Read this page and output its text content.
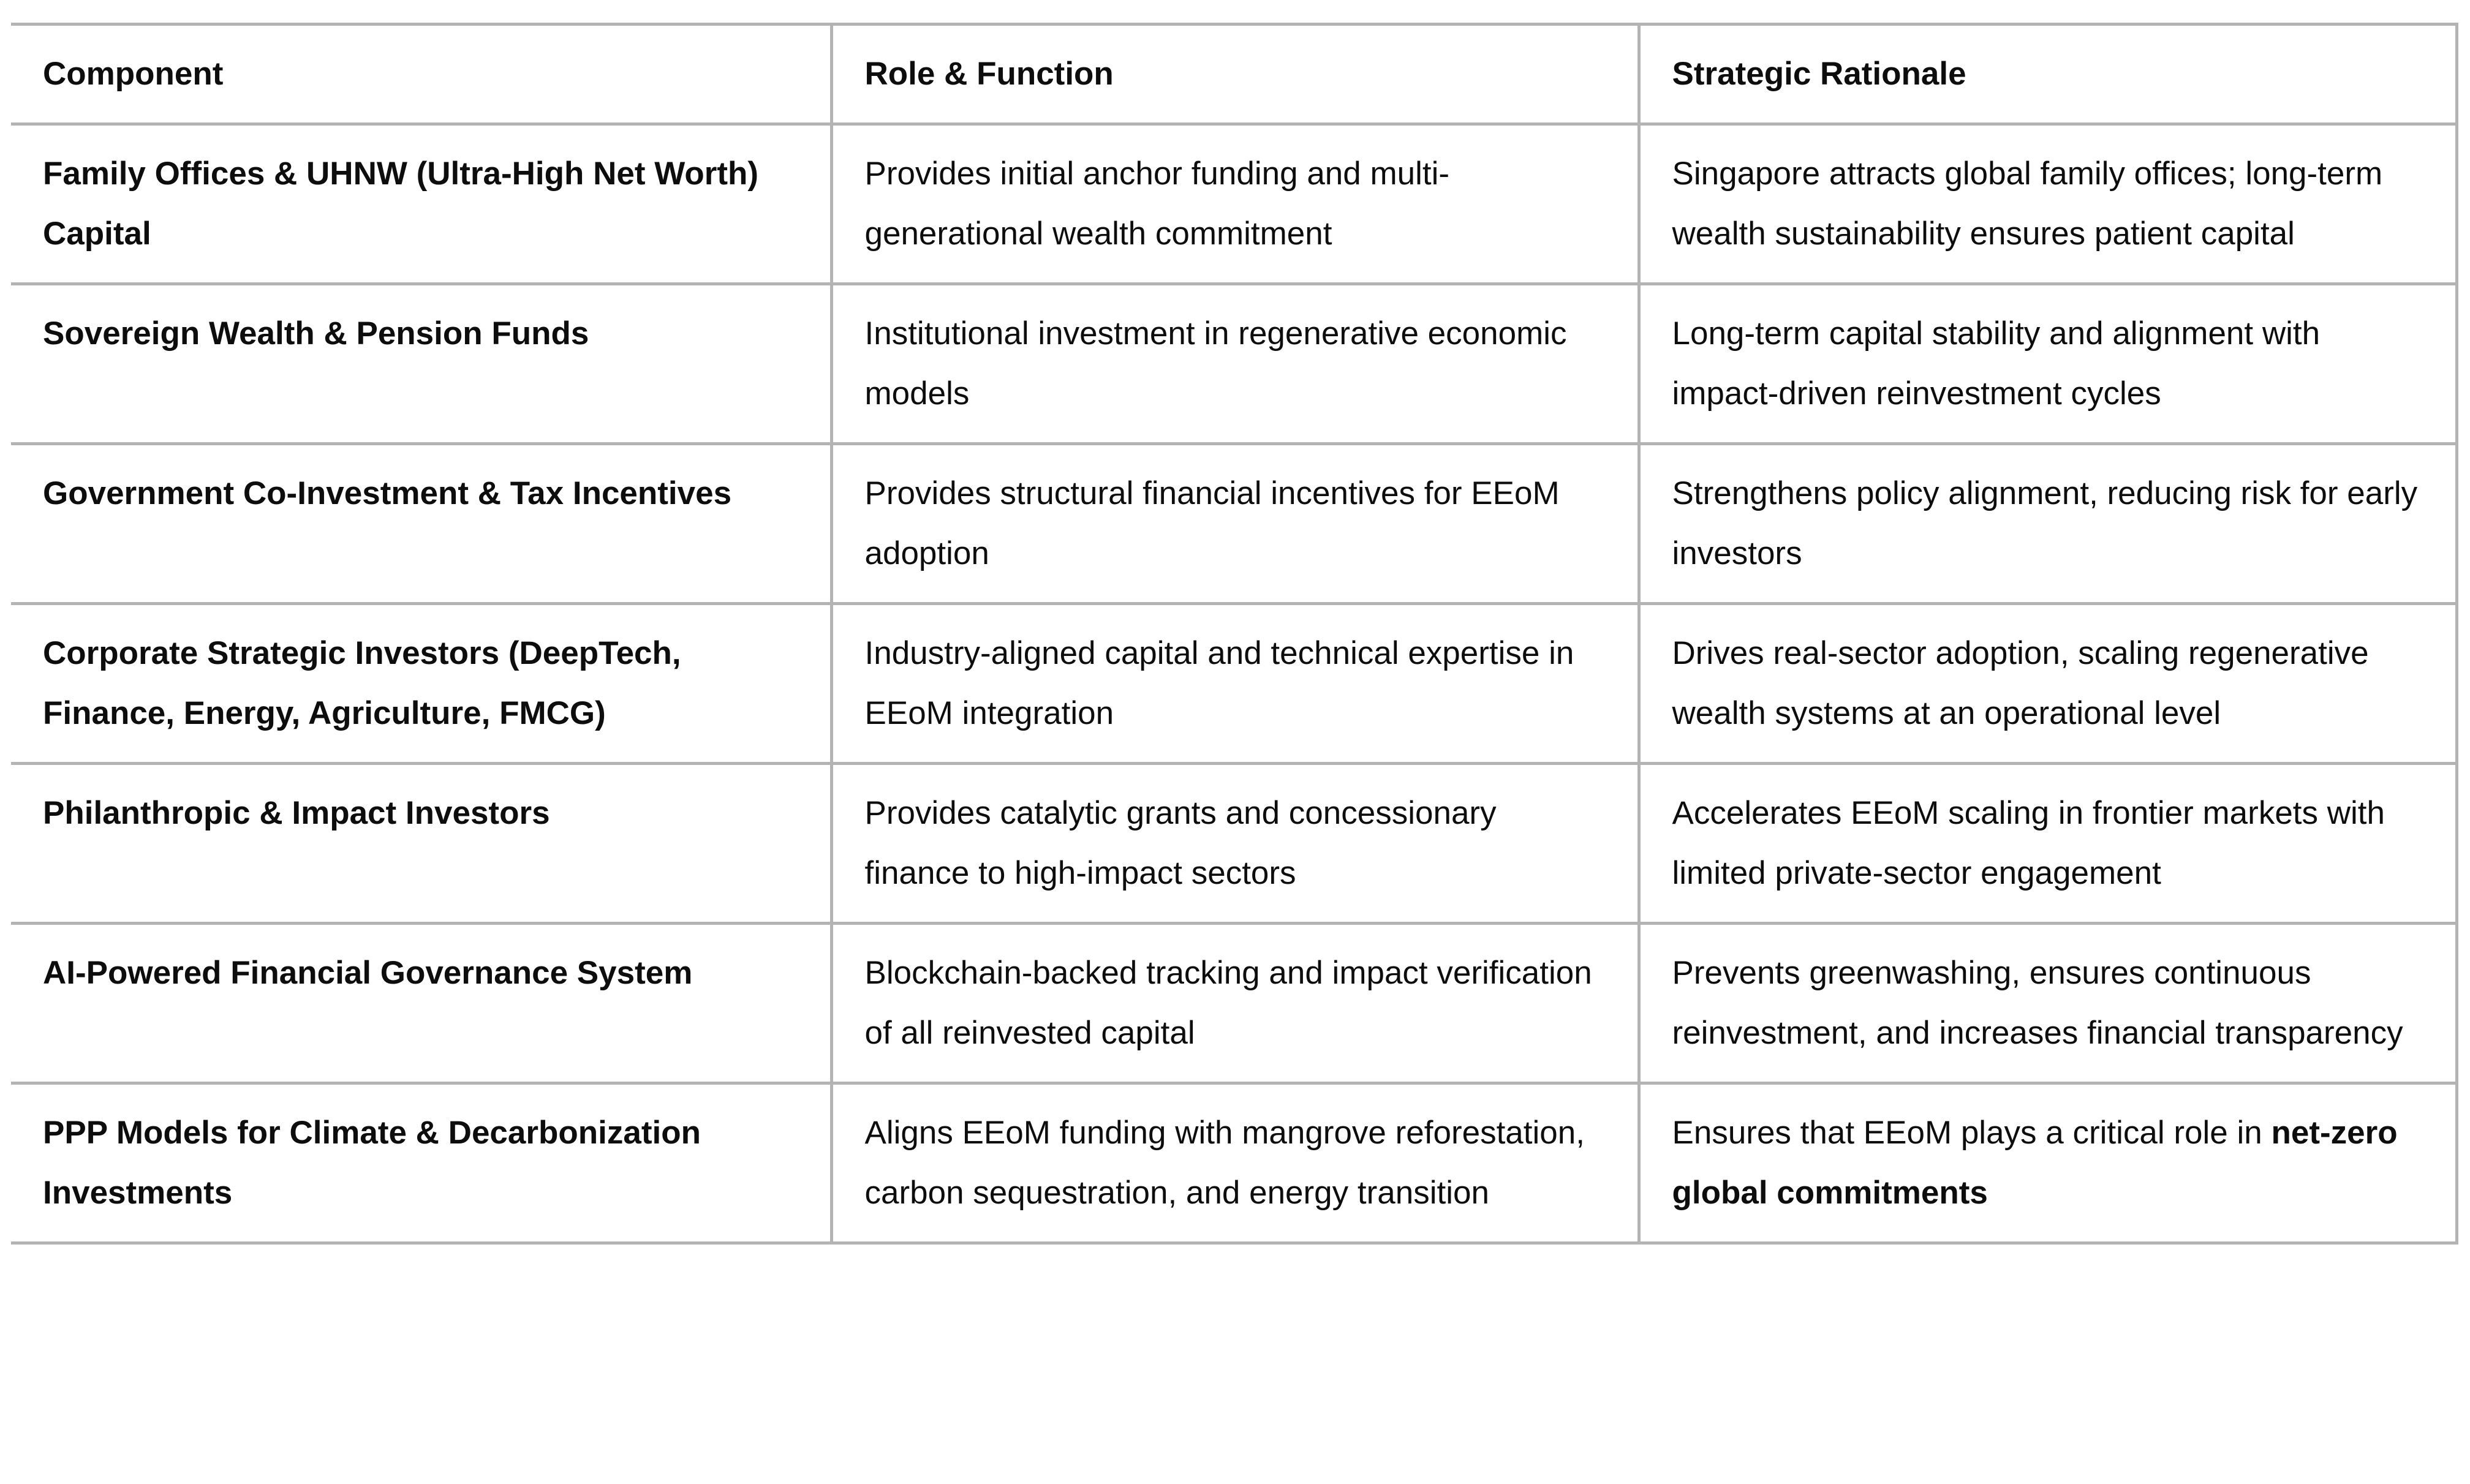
Component	Role & Function	Strategic Rationale
Family Offices & UHNW (Ultra-High Net Worth) Capital	Provides initial anchor funding and multi-generational wealth commitment	Singapore attracts global family offices; long-term wealth sustainability ensures patient capital
Sovereign Wealth & Pension Funds	Institutional investment in regenerative economic models	Long-term capital stability and alignment with impact-driven reinvestment cycles
Government Co-Investment & Tax Incentives	Provides structural financial incentives for EEoM adoption	Strengthens policy alignment, reducing risk for early investors
Corporate Strategic Investors (DeepTech, Finance, Energy, Agriculture, FMCG)	Industry-aligned capital and technical expertise in EEoM integration	Drives real-sector adoption, scaling regenerative wealth systems at an operational level
Philanthropic & Impact Investors	Provides catalytic grants and concessionary finance to high-impact sectors	Accelerates EEoM scaling in frontier markets with limited private-sector engagement
AI-Powered Financial Governance System	Blockchain-backed tracking and impact verification of all reinvested capital	Prevents greenwashing, ensures continuous reinvestment, and increases financial transparency
PPP Models for Climate & Decarbonization Investments	Aligns EEoM funding with mangrove reforestation, carbon sequestration, and energy transition	Ensures that EEoM plays a critical role in net-zero global commitments
